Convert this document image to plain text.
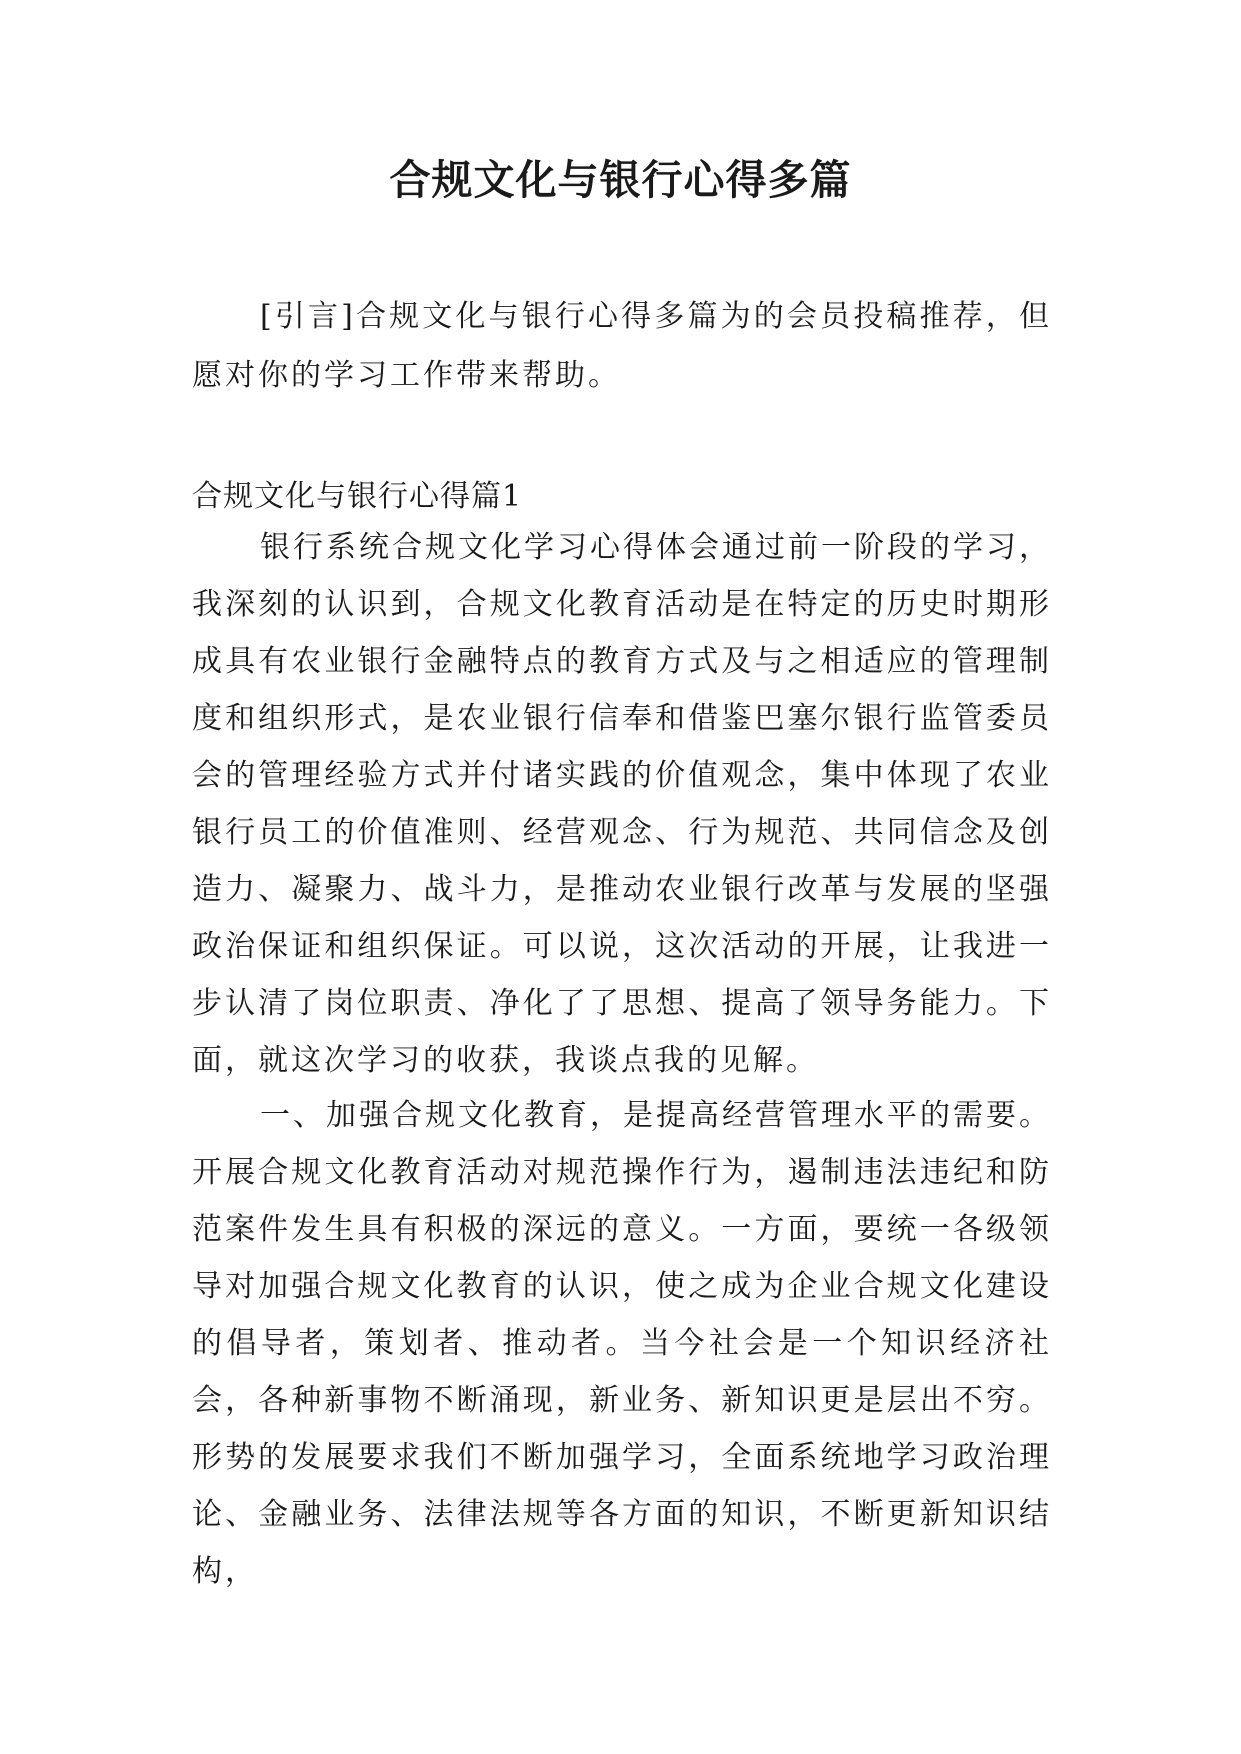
合规文化与银行心得多篇

[引言]合规文化与银行心得多篇为的会员投稿推荐，但愿对你的学习工作带来帮助。

合规文化与银行心得篇1

银行系统合规文化学习心得体会通过前一阶段的学习，我深刻的认识到，合规文化教育活动是在特定的历史时期形成具有农业银行金融特点的教育方式及与之相适应的管理制度和组织形式，是农业银行信奉和借鉴巴塞尔银行监管委员会的管理经验方式并付诸实践的价值观念，集中体现了农业银行员工的价值准则、经营观念、行为规范、共同信念及创造力、凝聚力、战斗力，是推动农业银行改革与发展的坚强政治保证和组织保证。可以说，这次活动的开展，让我进一步认清了岗位职责、净化了了思想、提高了领导务能力。下面，就这次学习的收获，我谈点我的见解。

一、加强合规文化教育，是提高经营管理水平的需要。开展合规文化教育活动对规范操作行为，遏制违法违纪和防范案件发生具有积极的深远的意义。一方面，要统一各级领导对加强合规文化教育的认识，使之成为企业合规文化建设的倡导者，策划者、推动者。当今社会是一个知识经济社会，各种新事物不断涌现，新业务、新知识更是层出不穷。形势的发展要求我们不断加强学习，全面系统地学习政治理论、金融业务、法律法规等各方面的知识，不断更新知识结构，
